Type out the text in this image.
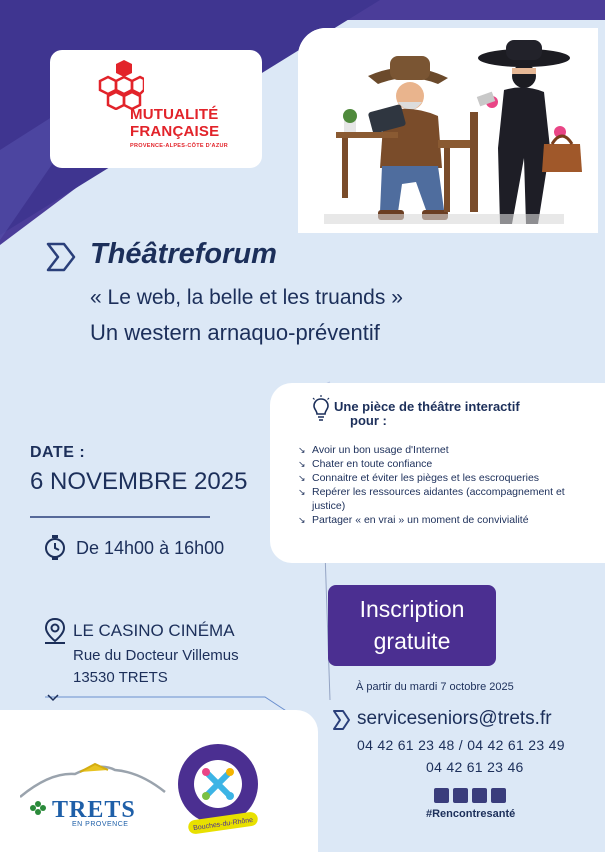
MUTUALITÉ
FRANÇAISE
PROVENCE-ALPES-CÔTE D'AZUR
Théâtreforum
« Le web, la belle et les truands »
Un western arnaquo-préventif
DATE :
6 NOVEMBRE 2025
De 14h00 à 16h00
LE CASINO CINÉMA
Rue du Docteur Villemus
13530 TRETS
Une pièce de théâtre interactif
pour :
↘ Avoir un bon usage d'Internet
↘ Chater en toute confiance
↘ Connaitre et éviter les pièges et les escroqueries
↘ Repérer les ressources aidantes (accompagnement et justice)
↘ Partager « en vrai » un moment de convivialité
Inscription
gratuite
À partir du mardi 7 octobre 2025
serviceseniors@trets.fr
04 42 61 23 48 / 04 42 61 23 49
04 42 61 23 46
#Rencontresanté
TRETS
EN PROVENCE	Bouches-du-Rhône
